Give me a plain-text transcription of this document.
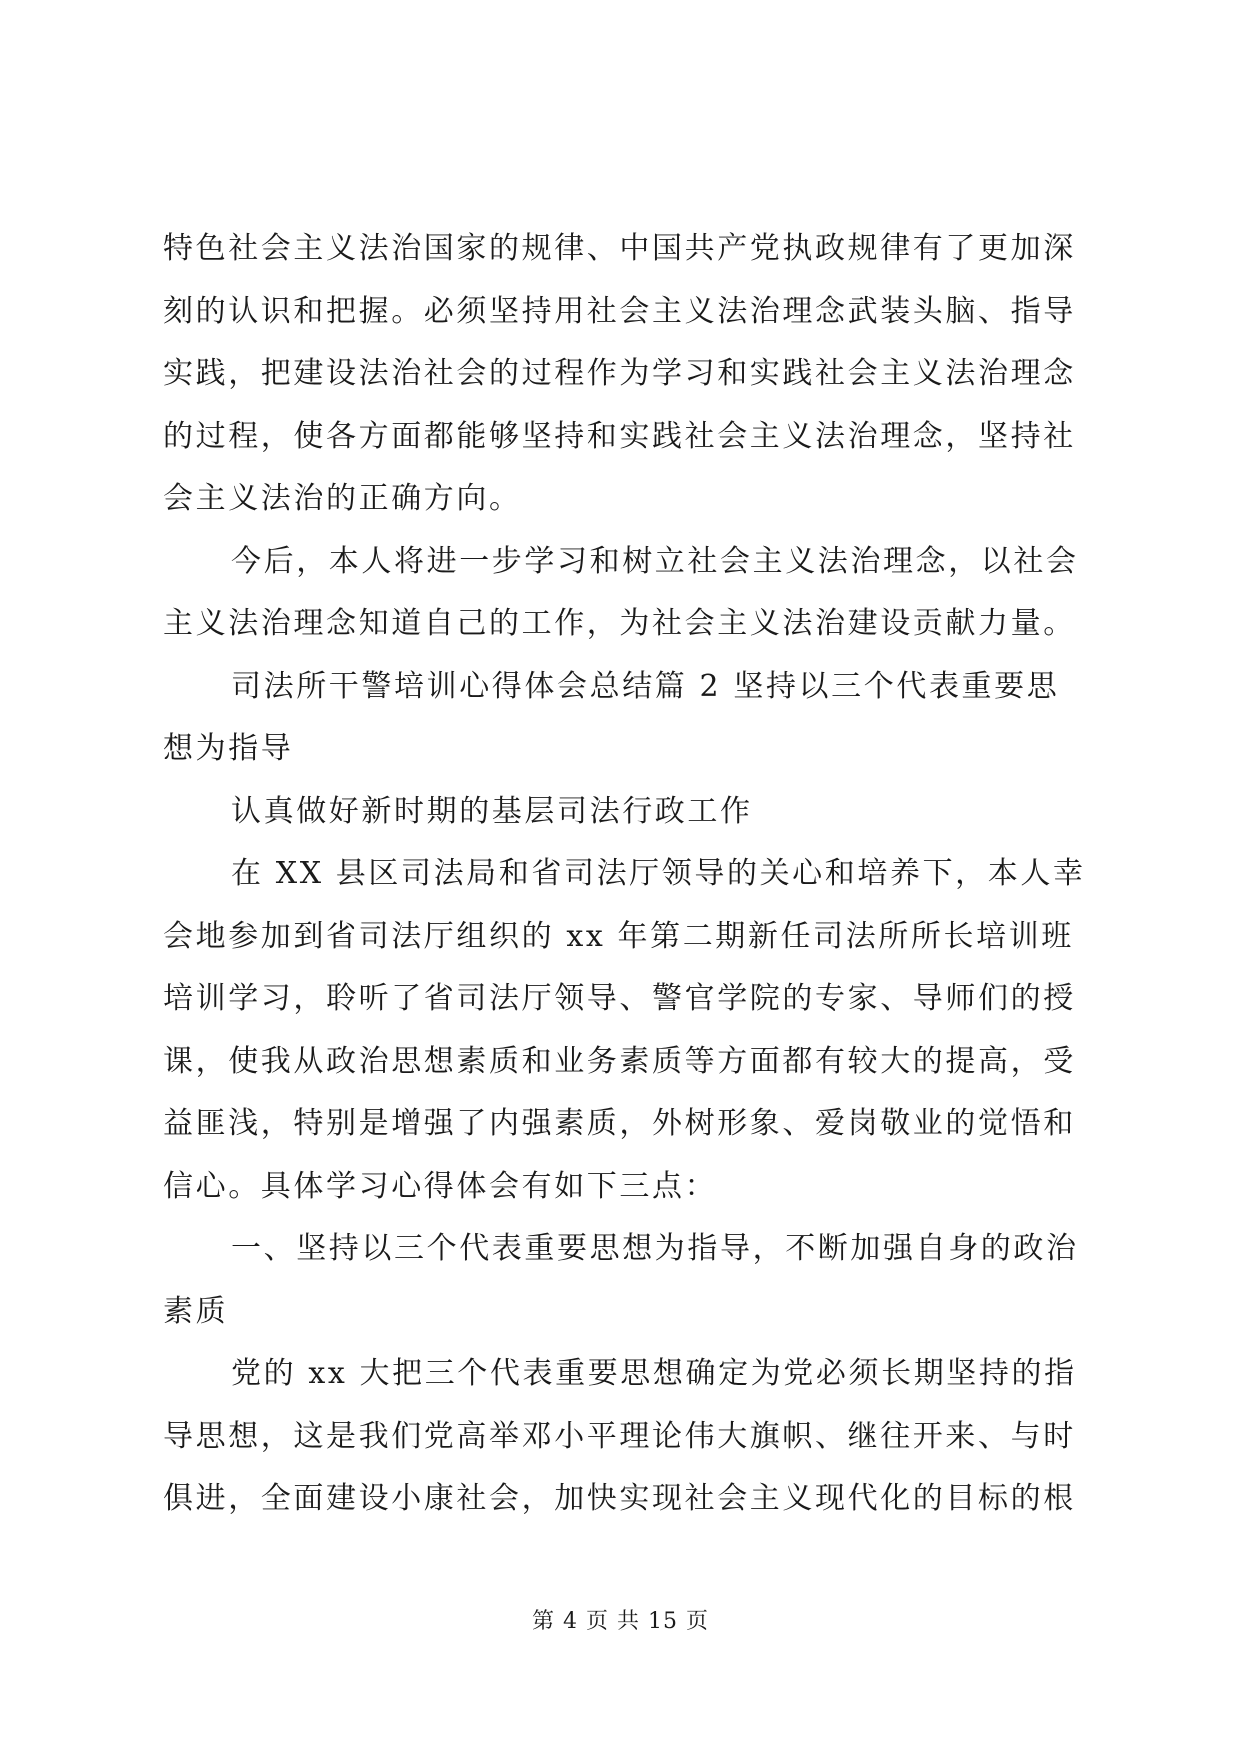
特色社会主义法治国家的规律、中国共产党执政规律有了更加深
刻的认识和把握。必须坚持用社会主义法治理念武装头脑、指导
实践，把建设法治社会的过程作为学习和实践社会主义法治理念
的过程，使各方面都能够坚持和实践社会主义法治理念，坚持社
会主义法治的正确方向。
今后，本人将进一步学习和树立社会主义法治理念，以社会
主义法治理念知道自己的工作，为社会主义法治建设贡献力量。
司法所干警培训心得体会总结篇 2 坚持以三个代表重要思
想为指导
认真做好新时期的基层司法行政工作
在 XX 县区司法局和省司法厅领导的关心和培养下，本人幸
会地参加到省司法厅组织的 xx 年第二期新任司法所所长培训班
培训学习，聆听了省司法厅领导、警官学院的专家、导师们的授
课，使我从政治思想素质和业务素质等方面都有较大的提高，受
益匪浅，特别是增强了内强素质，外树形象、爱岗敬业的觉悟和
信心。具体学习心得体会有如下三点：
一、坚持以三个代表重要思想为指导，不断加强自身的政治
素质
党的 xx 大把三个代表重要思想确定为党必须长期坚持的指
导思想，这是我们党高举邓小平理论伟大旗帜、继往开来、与时
俱进，全面建设小康社会，加快实现社会主义现代化的目标的根
第 4 页 共 15 页
